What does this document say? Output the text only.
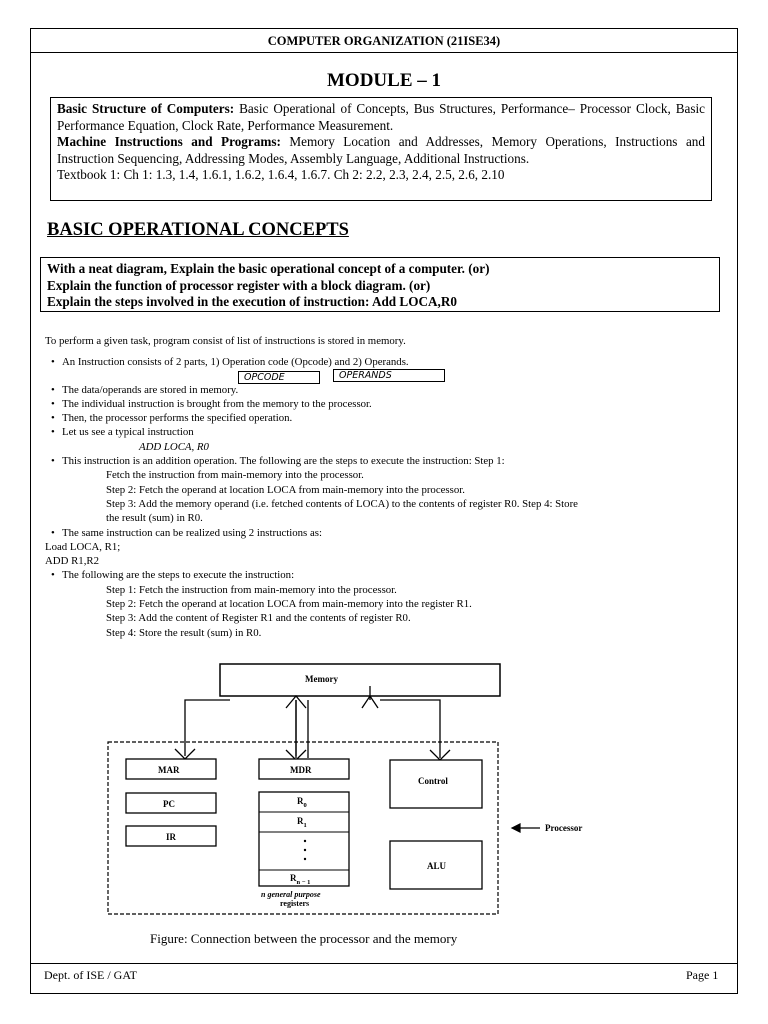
COMPUTER ORGANIZATION (21ISE34)
MODULE – 1
Basic Structure of Computers: Basic Operational of Concepts, Bus Structures, Performance– Processor Clock, Basic Performance Equation, Clock Rate, Performance Measurement.
Machine Instructions and Programs: Memory Location and Addresses, Memory Operations, Instructions and Instruction Sequencing, Addressing Modes, Assembly Language, Additional Instructions.
Textbook 1: Ch 1: 1.3, 1.4, 1.6.1, 1.6.2, 1.6.4, 1.6.7. Ch 2: 2.2, 2.3, 2.4, 2.5, 2.6, 2.10
BASIC OPERATIONAL CONCEPTS
With a neat diagram, Explain the basic operational concept of a computer. (or)
Explain the function of processor register with a block diagram. (or)
Explain the steps involved in the execution of instruction: Add LOCA,R0

To perform a given task, program consist of list of instructions is stored in memory.

• An Instruction consists of 2 parts, 1) Operation code (Opcode) and 2) Operands.

• The data/operands are stored in memory.

• The individual instruction is brought from the memory to the processor.

• Then, the processor performs the specified operation.

• Let us see a typical instruction

ADD LOCA, R0

• This instruction is an addition operation. The following are the steps to execute the instruction: Step 1:

Fetch the instruction from main-memory into the processor.

Step 2: Fetch the operand at location LOCA from main-memory into the processor.

Step 3: Add the memory operand (i.e. fetched contents of LOCA) to the contents of register R0. Step 4: Store

the result (sum) in R0.

• The same instruction can be realized using 2 instructions as:

Load LOCA, R1;

ADD R1,R2

• The following are the steps to execute the instruction:

Step 1: Fetch the instruction from main-memory into the processor.

Step 2: Fetch the operand at location LOCA from main-memory into the register R1.

Step 3: Add the content of Register R1 and the contents of register R0.

Step 4: Store the result (sum) in R0.

OPCODE	OPERANDS
Memory
MAR	MDR
Control
PC
IR
$R_0$
$R_1$
$R_{n - 1}$
n general purpose
registers
ALU
Processor
Figure: Connection between the processor and the memory
Dept. of ISE / GAT	Page 1
